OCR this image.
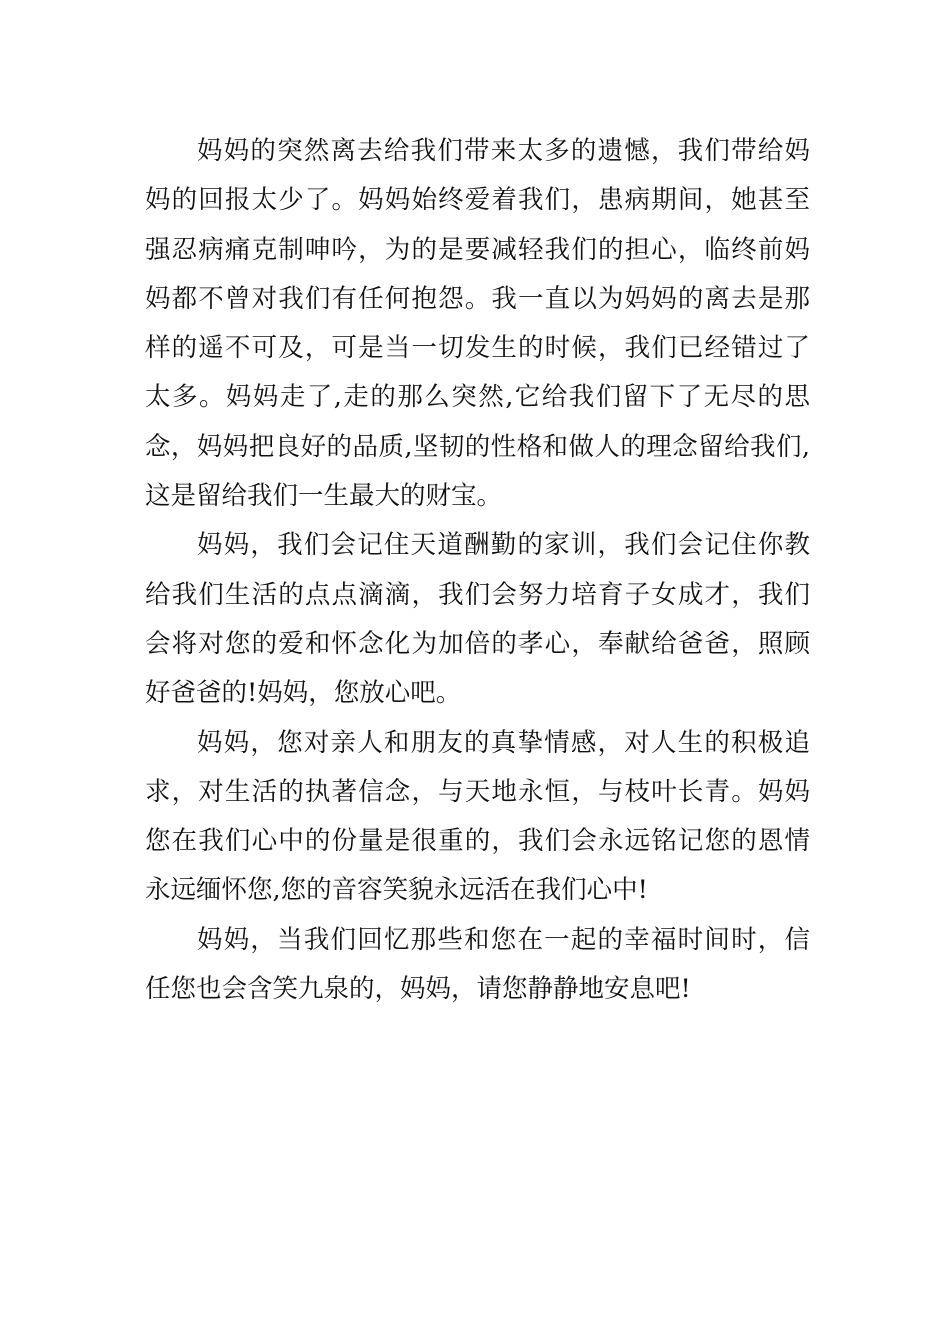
妈妈的突然离去给我们带来太多的遗憾，我们带给妈
妈的回报太少了。妈妈始终爱着我们，患病期间，她甚至
强忍病痛克制呻吟，为的是要减轻我们的担心，临终前妈
妈都不曾对我们有任何抱怨。我一直以为妈妈的离去是那
样的遥不可及，可是当一切发生的时候，我们已经错过了
太多。妈妈走了,走的那么突然,它给我们留下了无尽的思
念，妈妈把良好的品质,坚韧的性格和做人的理念留给我们,
这是留给我们一生最大的财宝。

妈妈，我们会记住天道酬勤的家训，我们会记住你教
给我们生活的点点滴滴，我们会努力培育子女成才，我们
会将对您的爱和怀念化为加倍的孝心，奉献给爸爸，照顾
好爸爸的!妈妈，您放心吧。

妈妈，您对亲人和朋友的真挚情感，对人生的积极追
求，对生活的执著信念，与天地永恒，与枝叶长青。妈妈
您在我们心中的份量是很重的，我们会永远铭记您的恩情
永远缅怀您,您的音容笑貌永远活在我们心中!

妈妈，当我们回忆那些和您在一起的幸福时间时，信
任您也会含笑九泉的，妈妈，请您静静地安息吧!
